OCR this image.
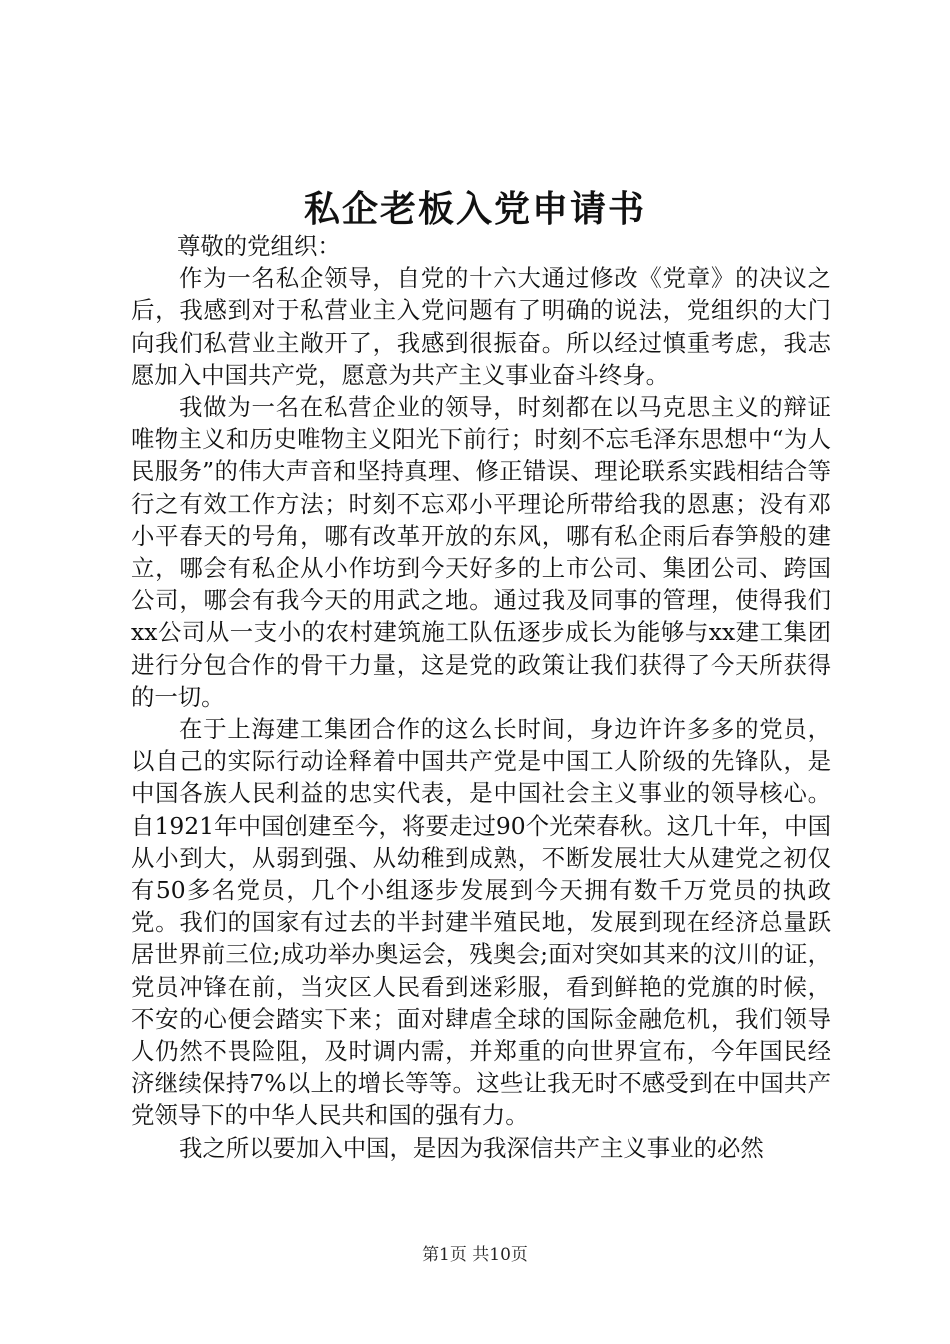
私企老板入党申请书

尊敬的党组织：

作为一名私企领导，自党的十六大通过修改《党章》的决议之后，我感到对于私营业主入党问题有了明确的说法，党组织的大门向我们私营业主敞开了，我感到很振奋。所以经过慎重考虑，我志愿加入中国共产党，愿意为共产主义事业奋斗终身。

我做为一名在私营企业的领导，时刻都在以马克思主义的辩证唯物主义和历史唯物主义阳光下前行；时刻不忘毛泽东思想中“为人民服务”的伟大声音和坚持真理、修正错误、理论联系实践相结合等行之有效工作方法；时刻不忘邓小平理论所带给我的恩惠；没有邓小平春天的号角，哪有改革开放的东风，哪有私企雨后春笋般的建立，哪会有私企从小作坊到今天好多的上市公司、集团公司、跨国公司，哪会有我今天的用武之地。通过我及同事的管理，使得我们xx公司从一支小的农村建筑施工队伍逐步成长为能够与xx建工集团进行分包合作的骨干力量，这是党的政策让我们获得了今天所获得的一切。

在于上海建工集团合作的这么长时间，身边许许多多的党员，以自己的实际行动诠释着中国共产党是中国工人阶级的先锋队，是中国各族人民利益的忠实代表，是中国社会主义事业的领导核心。自1921年中国创建至今，将要走过90个光荣春秋。这几十年，中国从小到大，从弱到强、从幼稚到成熟，不断发展壮大从建党之初仅有50多名党员，几个小组逐步发展到今天拥有数千万党员的执政党。我们的国家有过去的半封建半殖民地，发展到现在经济总量跃居世界前三位;成功举办奥运会，残奥会;面对突如其来的汶川的证，党员冲锋在前，当灾区人民看到迷彩服，看到鲜艳的党旗的时候，不安的心便会踏实下来；面对肆虐全球的国际金融危机，我们领导人仍然不畏险阻，及时调内需，并郑重的向世界宣布，今年国民经济继续保持7%以上的增长等等。这些让我无时不感受到在中国共产党领导下的中华人民共和国的强有力。

我之所以要加入中国，是因为我深信共产主义事业的必然

第1页 共10页
